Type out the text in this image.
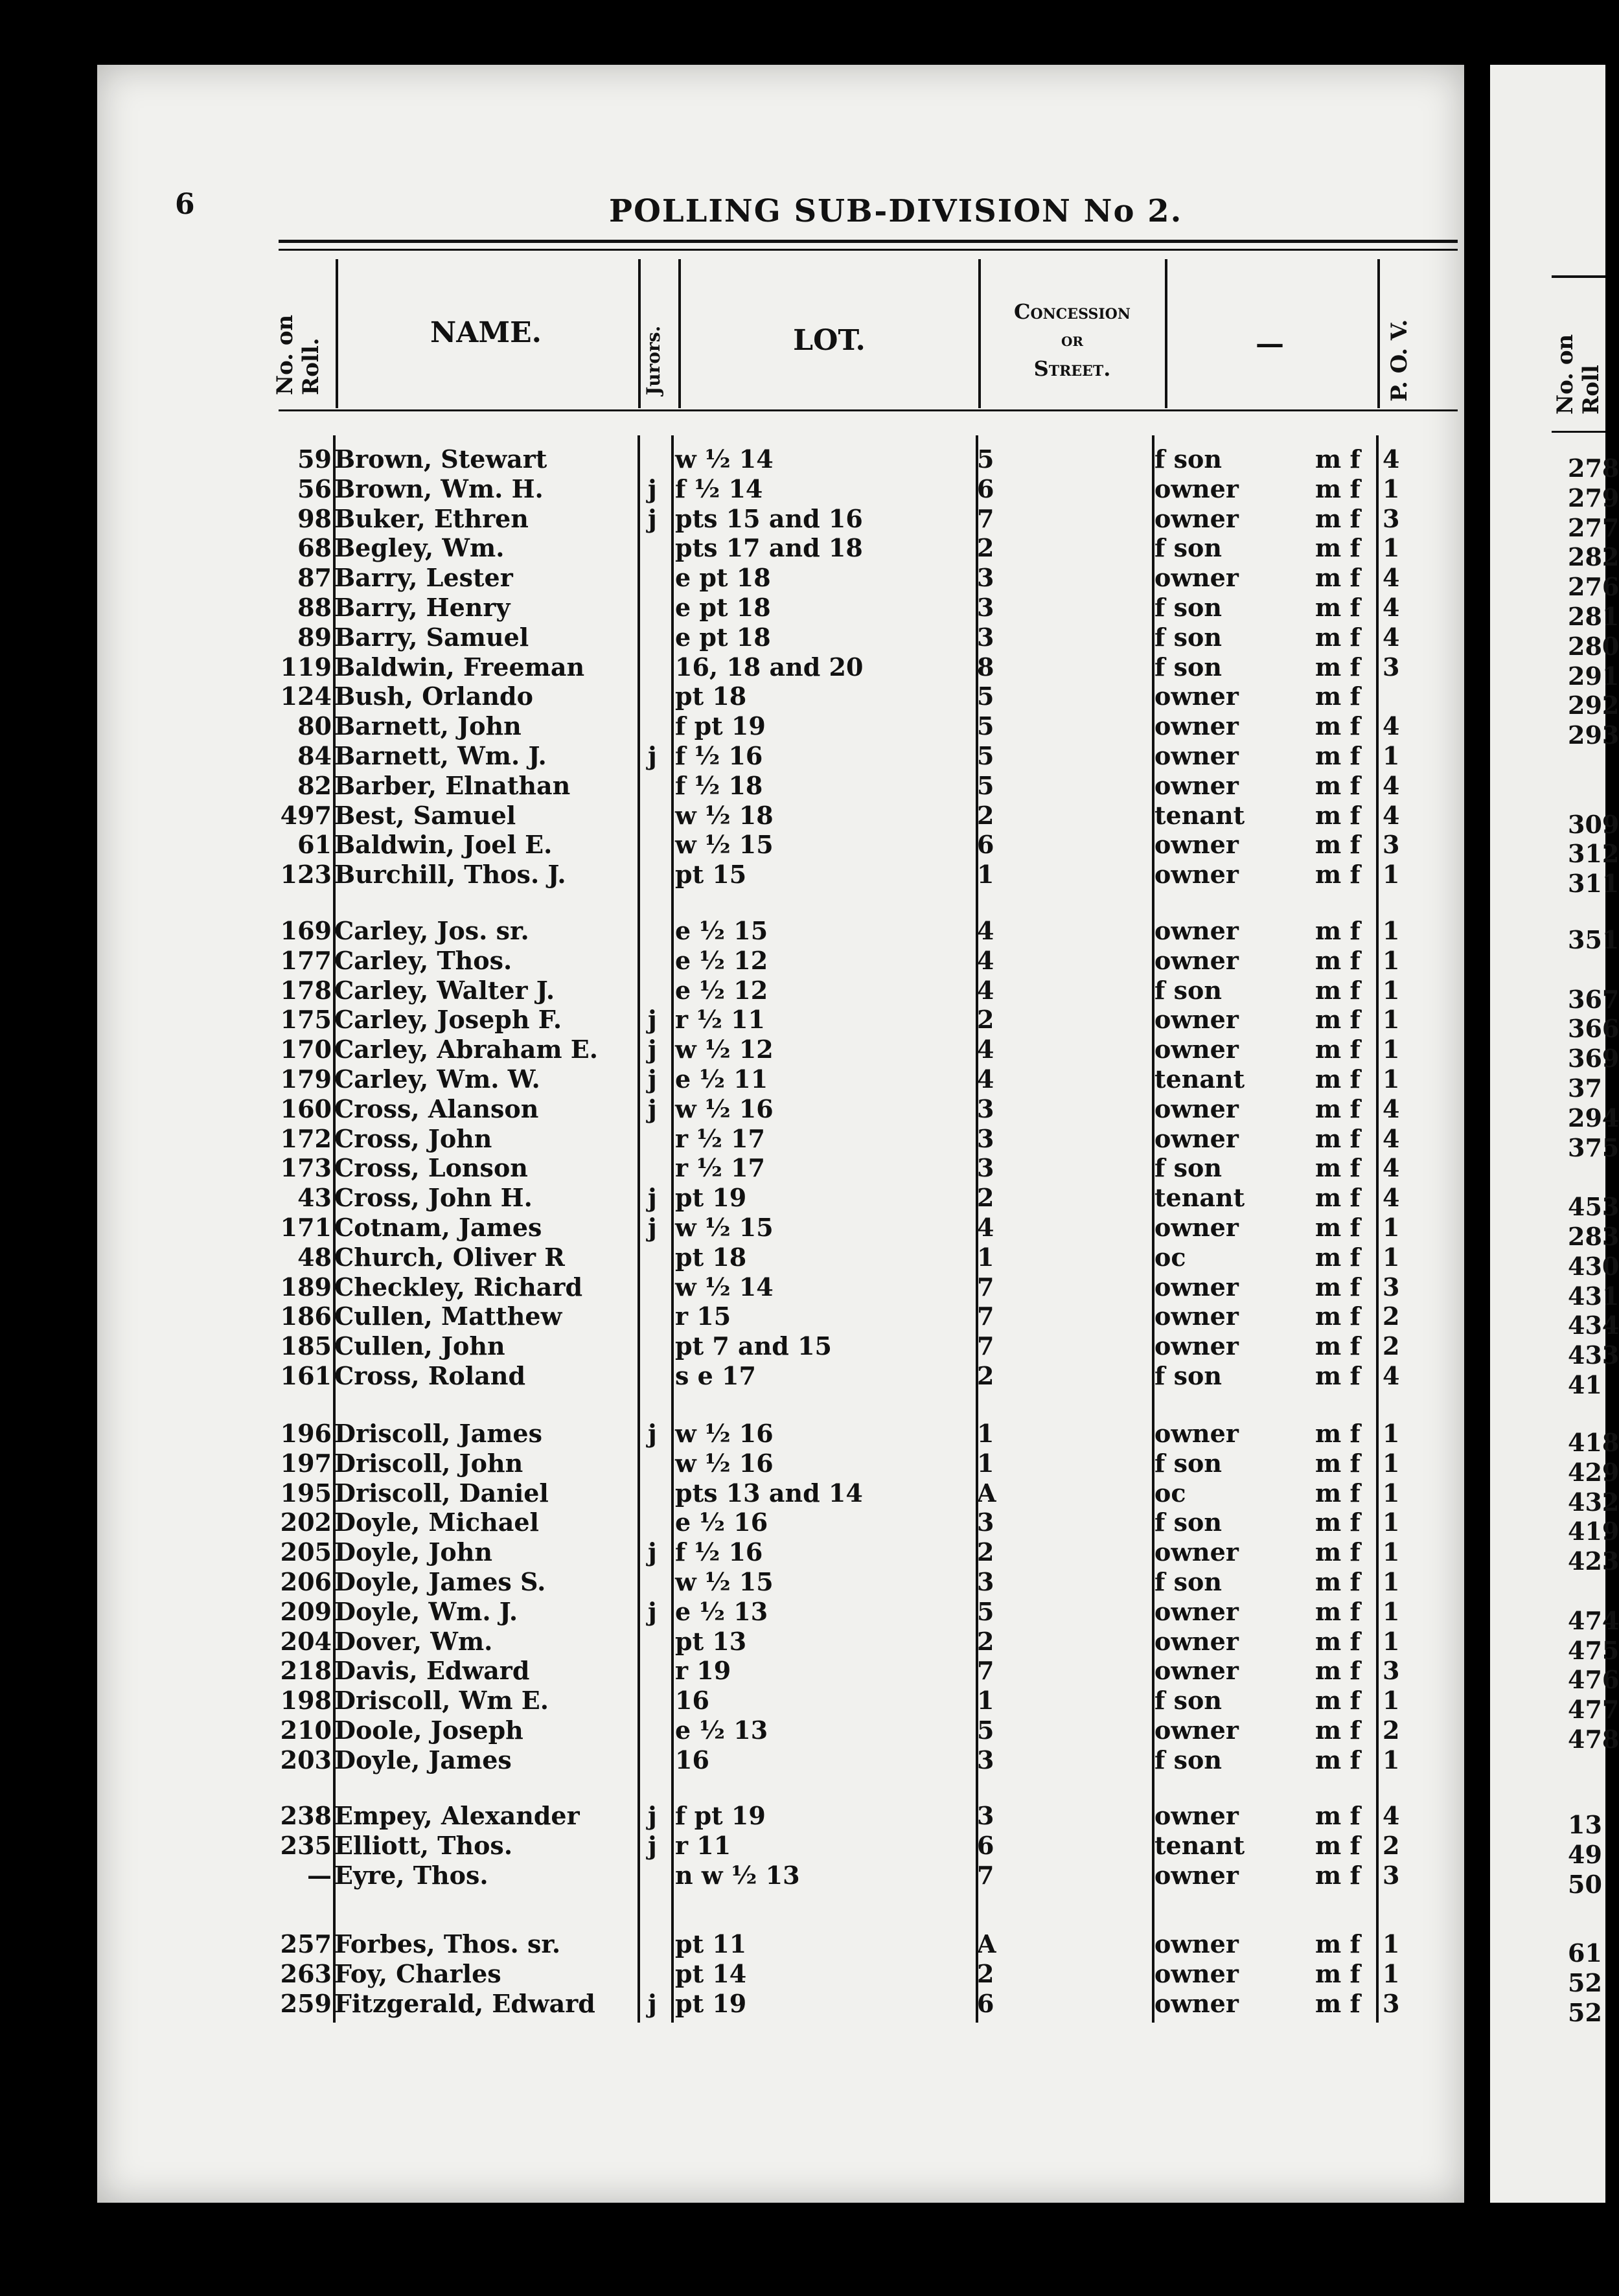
6	POLLING SUB-DIVISION No 2.
No. on Roll.
NAME.	Jurors.	LOT.
Concession
or
Street.
—	P. O. V.	No. on Roll
59 Brown, Stewart	w ½ 14	5	f son	m f 4	278
56 Brown, Wm. H.	j f ½ 14	6	owner	m f 1	279
98 Buker, Ethren	j pts 15 and 16	7	owner	m f 3	277
68 Begley, Wm.	pts 17 and 18	2	f son	m f 1	282
87 Barry, Lester	e pt 18	3	owner	m f 4	276
88 Barry, Henry	e pt 18	3	f son	m f 4	281
89 Barry, Samuel	e pt 18	3	f son	m f 4	280
119 Baldwin, Freeman	16, 18 and 20	8	f son	m f 3	291
124 Bush, Orlando	pt 18	5	owner	m f	292
80 Barnett, John	f pt 19	5	owner	m f 4	293
84 Barnett, Wm. J.	j f ½ 16	5	owner	m f 1
82 Barber, Elnathan	f ½ 18	5	owner	m f 4
497 Best, Samuel	w ½ 18	2	tenant	m f 4	309
61 Baldwin, Joel E.	w ½ 15	6	owner	m f 3	312
123 Burchill, Thos. J.	pt 15	1	owner	m f 1	311
169 Carley, Jos. sr.	e ½ 15	4	owner	m f 1	351
177 Carley, Thos.	e ½ 12	4	owner	m f 1
178 Carley, Walter J.	e ½ 12	4	f son	m f 1	367
175 Carley, Joseph F.	j r ½ 11	2	owner	m f 1	366
170 Carley, Abraham E. j w ½ 12	4	owner	m f 1	369
179 Carley, Wm. W.	j e ½ 11	4	tenant	m f 1	37
160 Cross, Alanson	j w ½ 16	3	owner	m f 4	294
172 Cross, John	r ½ 17	3	owner	m f 4	375
173 Cross, Lonson	r ½ 17	3	f son	m f 4
43 Cross, John H.	j pt 19	2	tenant	m f 4	453
171 Cotnam, James	j w ½ 15	4	owner	m f 1	283
48 Church, Oliver R	pt 18	1	oc	m f 1	430
189 Checkley, Richard	w ½ 14	7	owner	m f 3	431
186 Cullen, Matthew	r 15	7	owner	m f 2	434
185 Cullen, John	pt 7 and 15	7	owner	m f 2	433
161 Cross, Roland	s e 17	2	f son	m f 4	41
196 Driscoll, James	j w ½ 16	1	owner	m f 1	418
197 Driscoll, John	w ½ 16	1	f son	m f 1	429
195 Driscoll, Daniel	pts 13 and 14	A	oc	m f 1	432
202 Doyle, Michael	e ½ 16	3	f son	m f 1	419
205 Doyle, John	j f ½ 16	2	owner	m f 1	423
206 Doyle, James S.	w ½ 15	3	f son	m f 1
209 Doyle, Wm. J.	j e ½ 13	5	owner	m f 1	474
204 Dover, Wm.	pt 13	2	owner	m f 1	475
218 Davis, Edward	r 19	7	owner	m f 3	476
198 Driscoll, Wm E.	16	1	f son	m f 1	477
210 Doole, Joseph	e ½ 13	5	owner	m f 2	478
203 Doyle, James	16	3	f son	m f 1
238 Empey, Alexander	j f pt 19	3	owner	m f 4	13
235 Elliott, Thos.	j r 11	6	tenant	m f 2	49
— Eyre, Thos.	n w ½ 13	7	owner	m f 3	50
257 Forbes, Thos. sr.	pt 11	A	owner	m f 1	61
263 Foy, Charles	pt 14	2	owner	m f 1	52
259 Fitzgerald, Edward j pt 19	6	owner	m f 3	52
